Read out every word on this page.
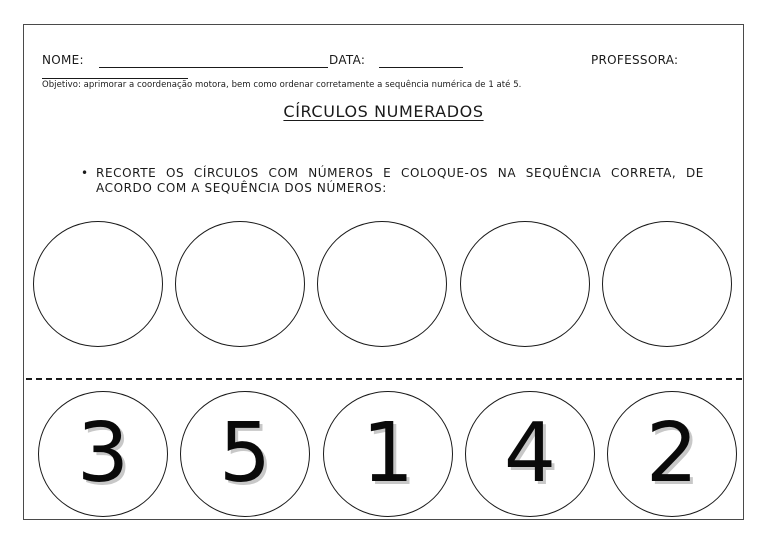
NOME:	DATA:	PROFESSORA:
Objetivo: aprimorar a coordenação motora, bem como ordenar corretamente a sequência numérica de 1 até 5.
CÍRCULOS NUMERADOS
• RECORTE OS CÍRCULOS COM NÚMEROS E COLOQUE-OS NA SEQUÊNCIA CORRETA, DE ACORDO COM A SEQUÊNCIA DOS NÚMEROS:
3 5 1 4 2
